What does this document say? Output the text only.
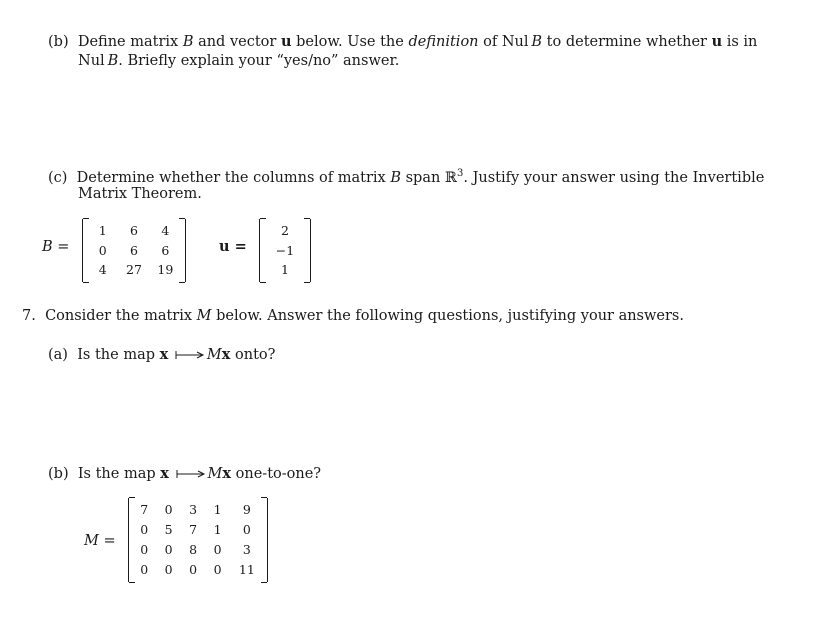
(b) Define matrix B and vector u below. Use the definition of Nul  B to determine whether u is in
Nul  B. Briefly explain your “yes/no” answer.
(c) Determine whether the columns of matrix B span ℝ$^3$. Justify your answer using the Invertible
Matrix Theorem.
B =
1	6	4
0	6	6
4	27	19
u =
2
−1
1
7. Consider the matrix M below. Answer the following questions, justifying your answers.
(a) Is the map x	Mx onto?
(b) Is the map x	Mx one-to-one?
M =
7	0	3	1	9
0	5	7	1	0
0	0	8	0	3
0	0	0	0	11
